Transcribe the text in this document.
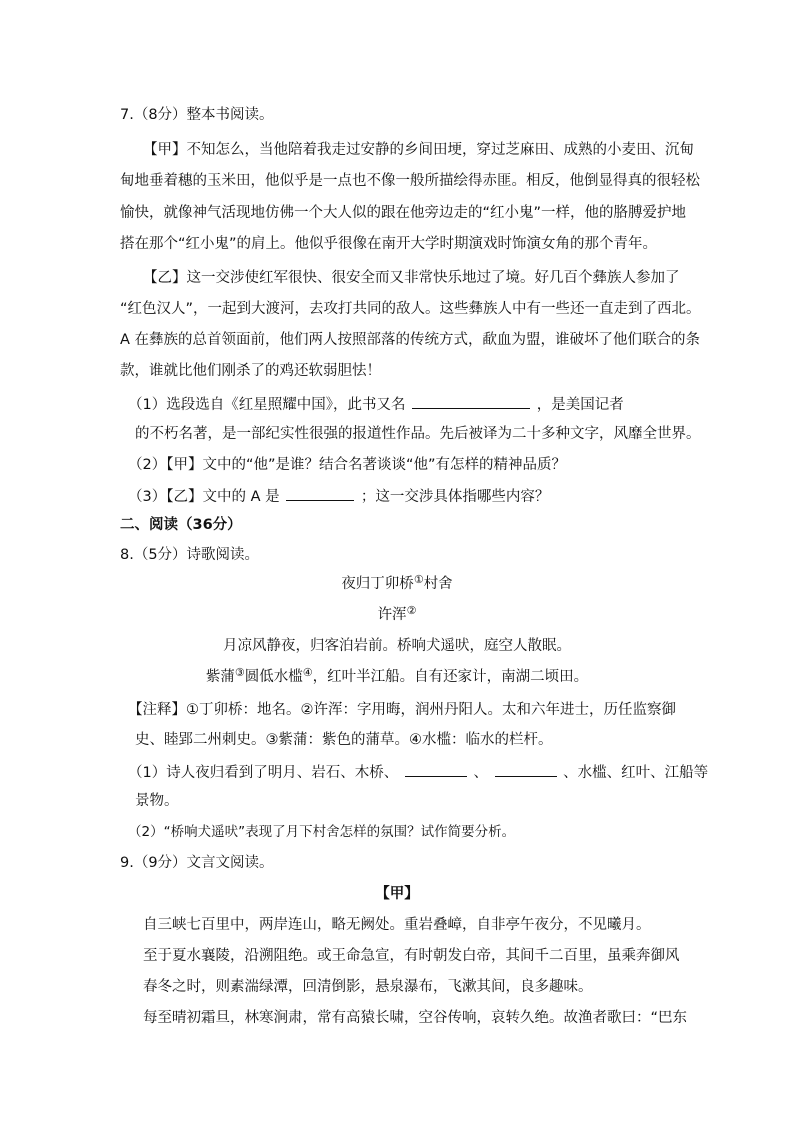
7.（8分）整本书阅读。
【甲】不知怎么，当他陪着我走过安静的乡间田埂，穿过芝麻田、成熟的小麦田、沉甸
甸地垂着穗的玉米田，他似乎是一点也不像一般所描绘得赤匪。相反，他倒显得真的很轻松
愉快，就像神气活现地仿佛一个大人似的跟在他旁边走的“红小鬼”一样，他的胳膊爱护地
搭在那个“红小鬼”的肩上。他似乎很像在南开大学时期演戏时饰演女角的那个青年。
【乙】这一交涉使红军很快、很安全而又非常快乐地过了境。好几百个彝族人参加了
“红色汉人”，一起到大渡河，去攻打共同的敌人。这些彝族人中有一些还一直走到了西北。
A 在彝族的总首领面前，他们两人按照部落的传统方式，歃血为盟，谁破坏了他们联合的条
款，谁就比他们刚杀了的鸡还软弱胆怯！
（1）选段选自《红星照耀中国》，此书又名	，是美国记者
的不朽名著，是一部纪实性很强的报道性作品。先后被译为二十多种文字，风靡全世界。
（2）【甲】文中的“他”是谁？结合名著谈谈“他”有怎样的精神品质？
（3）【乙】文中的 A 是	；这一交涉具体指哪些内容？
二、阅读（36分）
8.（5分）诗歌阅读。
夜归丁卯桥①村舍
许浑②
月凉风静夜，归客泊岩前。桥响犬遥吠，庭空人散眠。
紫蒲③圆低水槛④，红叶半江船。自有还家计，南湖二顷田。
【注释】①丁卯桥：地名。②许浑：字用晦，润州丹阳人。太和六年进士，历任监察御
史、睦郢二州刺史。③紫蒲：紫色的蒲草。④水槛：临水的栏杆。
（1）诗人夜归看到了明月、岩石、木桥、	、	、水槛、红叶、江船等
景物。
（2）“桥响犬遥吠”表现了月下村舍怎样的氛围？试作简要分析。
9.（9分）文言文阅读。
【甲】
自三峡七百里中，两岸连山，略无阙处。重岩叠嶂，自非亭午夜分，不见曦月。
至于夏水襄陵，沿溯阻绝。或王命急宣，有时朝发白帝，其间千二百里，虽乘奔御风
春冬之时，则素湍绿潭，回清倒影，悬泉瀑布，飞漱其间，良多趣味。
每至晴初霜旦，林寒涧肃，常有高猿长啸，空谷传响，哀转久绝。故渔者歌曰：“巴东
